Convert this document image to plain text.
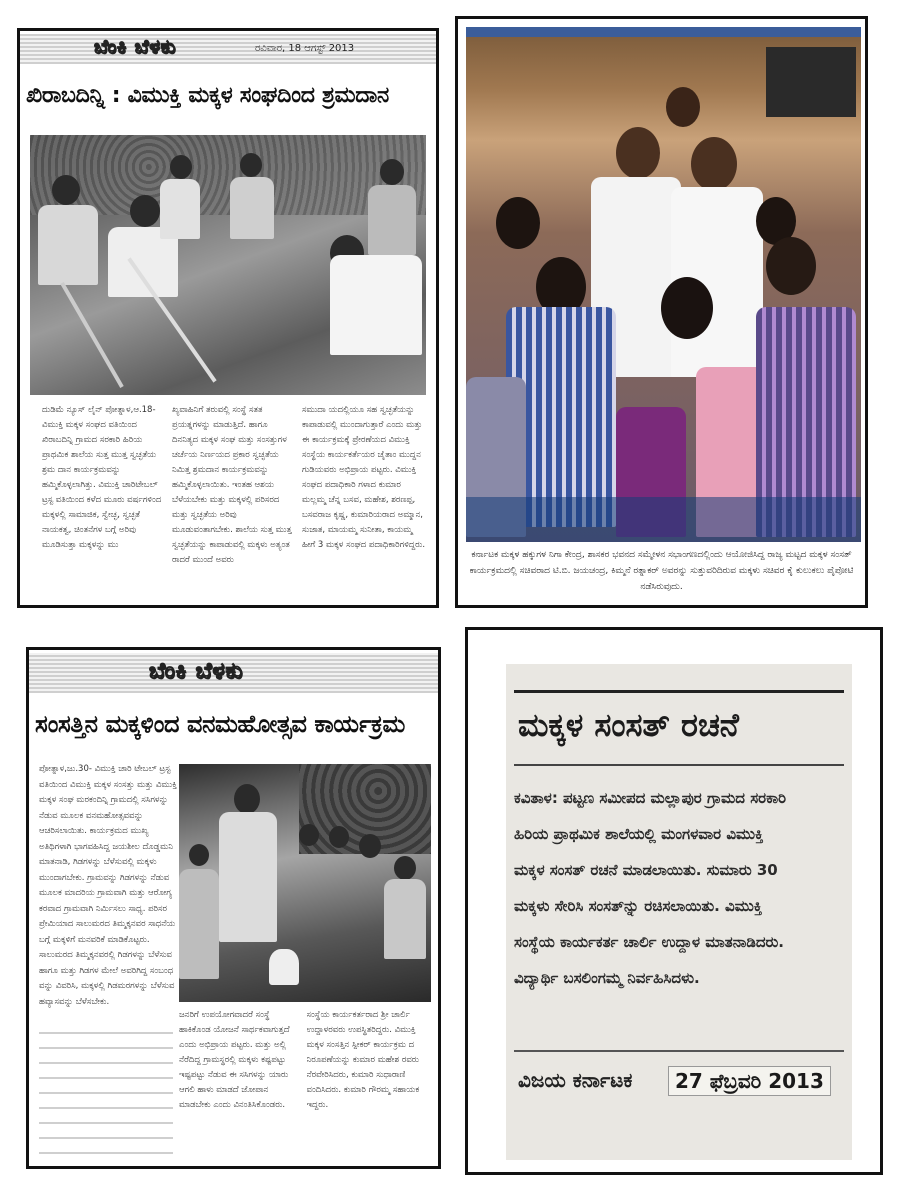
ಬೆಂಕಿ ಬೆಳಕು	ರವಿವಾರ, 18 ಆಗಸ್ಟ್ 2013
ಖಿರಾಬದಿನ್ನಿ : ವಿಮುಕ್ತಿ ಮಕ್ಕಳ ಸಂಘದಿಂದ ಶ್ರಮದಾನ
ದುಡಿಮೆ ನ್ಯೂಸ್ ಲೈನ್ ಪೋತ್ನಾಳ,ಆ.18- ವಿಮುಕ್ತಿ ಮಕ್ಕಳ ಸಂಘದ ವತಿಯಿಂದ ಖಿರಾಬದಿನ್ನಿ ಗ್ರಾಮದ ಸರಕಾರಿ ಹಿರಿಯ ಪ್ರಾಥಮಿಕ ಶಾಲೆಯ ಸುತ್ತ ಮುತ್ತ ಸ್ವಚ್ಛತೆಯ ಶ್ರಮ ದಾನ ಕಾರ್ಯಕ್ರಮವನ್ನು ಹಮ್ಮಿಕೊಳ್ಳಲಾಗಿತ್ತು. ವಿಮುಕ್ತಿ ಚಾರಿಟೇಬಲ್ ಟ್ರಸ್ಟ ವತಿಯಿಂದ ಕಳೆದ ಮೂರು ವರ್ಷಗಳಿಂದ ಮಕ್ಕಳಲ್ಲಿ ಸಾಮಾಜಿಕ, ಸ್ವೇಚ್ಛ, ಸ್ವಚ್ಛತೆ ನಾಯಕತ್ವ, ಚಿಂತನೆಗಳ ಬಗ್ಗೆ ಅರಿವು ಮೂಡಿಸುತ್ತಾ ಮಕ್ಕಳನ್ನು ಮು
ಖ್ಯವಾಹಿನಿಗೆ ತರುವಲ್ಲಿ ಸಂಸ್ಥೆ ಸತತ ಪ್ರಯತ್ನಗಳನ್ನು ಮಾಡುತ್ತಿದೆ. ಹಾಗೂ ದಿನನಿತ್ಯದ ಮಕ್ಕಳ ಸಂಘ ಮತ್ತು ಸಂಸತ್ತುಗಳ ಚರ್ಚೆಯ ನಿರ್ಣಯದ ಪ್ರಕಾರ ಸ್ವಚ್ಛತೆಯ ನಿಮಿತ್ತ ಶ್ರಮದಾನ ಕಾರ್ಯಕ್ರಮವನ್ನು ಹಮ್ಮಿಕೊಳ್ಳಲಾಯಿತು. ಇಂತಹ ಆಶಯ ಬೆಳೆಯಬೇಕು ಮತ್ತು ಮಕ್ಕಳಲ್ಲಿ ಪರಿಸರದ ಮತ್ತು ಸ್ವಚ್ಛತೆಯ ಅರಿವು ಮೂಡುವಂತಾಗಬೇಕು. ಶಾಲೆಯ ಸುತ್ತ ಮುತ್ತ ಸ್ವಚ್ಛತೆಯನ್ನು ಕಾಪಾಡುವಲ್ಲಿ ಮಕ್ಕಳು ಅತ್ಯಂತ ರಾದರೆ ಮುಂದೆ ಅವರು
ಸಮುದಾ ಯದಲ್ಲಿಯೂ ಸಹ ಸ್ವಚ್ಛತೆಯನ್ನು ಕಾಪಾಡುವಲ್ಲಿ ಮುಂದಾಗುತ್ತಾರೆ ಎಂದು ಮತ್ತು ಈ ಕಾರ್ಯಕ್ರಮಕ್ಕೆ ಪ್ರೇರಣೆಯದ ವಿಮುಕ್ತಿ ಸಂಸ್ಥೆಯ ಕಾರ್ಯಕರ್ತೆಯರ ಚೈತಾಂ ಮುದ್ದನ ಗುಡಿಯವರು ಅಭಿಪ್ರಾಯ ಪಟ್ಟರು. ವಿಮುಕ್ತಿ ಸಂಘದ ಪದಾಧಿಕಾರಿ ಗಳಾದ ಕುಮಾರ ಮಲ್ಲಮ್ಮ ಚೆನ್ನ ಬಸವ, ಮಹೇಶ, ಶರಣಪ್ಪ, ಬಸವರಾಜ ಕೃಷ್ಣ, ಕುಮಾರಿಯರಾದ ಅಮ್ಮಾನ, ಸುಜಾತ, ಮಾಯಮ್ಮ ಸುನೀತಾ, ಕಾಯಮ್ಮ ಹೀಗೆ 3 ಮಕ್ಕಳ ಸಂಘದ ಪದಾಧಿಕಾರಿಗಳಿದ್ದರು.
ಕರ್ನಾಟಕ ಮಕ್ಕಳ ಹಕ್ಕುಗಳ ನಿಗಾ ಕೇಂದ್ರ, ಶಾಸಕರ ಭವನದ ಸಮ್ಮೇಳನ ಸಭಾಂಗಣದಲ್ಲಿಂದು ಆಯೋಜಿಸಿದ್ದ ರಾಜ್ಯ ಮಟ್ಟದ ಮಕ್ಕಳ ಸಂಸತ್ ಕಾರ್ಯಕ್ರಮದಲ್ಲಿ ಸಚಿವರಾದ ಟಿ.ಬಿ. ಜಯಚಂದ್ರ, ಕಿಮ್ಮನೆ ರತ್ನಾಕರ್ ಅವರನ್ನು ಸುತ್ತುವರಿದಿರುವ ಮಕ್ಕಳು ಸಚಿವರ ಕೈ ಕುಲುಕಲು ಪೈಪೋಟಿ ನಡೆಸಿರುವುದು.
ಬೆಂಕಿ ಬೆಳಕು
ಸಂಸತ್ತಿನ ಮಕ್ಕಳಿಂದ ವನಮಹೋತ್ಸವ ಕಾರ್ಯಕ್ರಮ
ಪೋತ್ನಾಳ,ಜು.30- ವಿಮುಕ್ತಿ ಚಾರಿ ಟೇಬಲ್ ಟ್ರಸ್ಟ ವತಿಯಿಂದ ವಿಮುಕ್ತಿ ಮಕ್ಕಳ ಸಂಸತ್ತು ಮತ್ತು ವಿಮುಕ್ತಿ ಮಕ್ಕಳ ಸಂಘ ಮರಕಂದಿನ್ನಿ ಗ್ರಾಮದಲ್ಲಿ ಸಸಿಗಳನ್ನು ನೆಡುವ ಮೂಲಕ ವನಮಹೋತ್ಸವವನ್ನು ಆಚರಿಸಲಾಯಿತು. ಕಾರ್ಯಕ್ರಮದ ಮುಖ್ಯ ಅತಿಥಿಗಳಾಗಿ ಭಾಗವಹಿಸಿದ್ದ ಜಯಶೀಲ ದೊಡ್ಡಮನಿ ಮಾತನಾಡಿ, ಗಿಡಗಳನ್ನು ಬೆಳೆಸುವಲ್ಲಿ ಮಕ್ಕಳು ಮುಂದಾಗಬೇಕು. ಗ್ರಾಮವನ್ನು ಗಿಡಗಳನ್ನು ನೆಡುವ ಮೂಲಕ ಮಾದರಿಯ ಗ್ರಾಮವಾಗಿ ಮತ್ತು ಆರೋಗ್ಯ ಕರವಾದ ಗ್ರಾಮವಾಗಿ ನಿರ್ಮಿಸಲು ಸಾಧ್ಯ. ಪರಿಸರ ಪ್ರೇಮಿಯಾದ ಸಾಲುಮರದ ತಿಮ್ಮಕ್ಕನವರ ಸಾಧನೆಯ ಬಗ್ಗೆ ಮಕ್ಕಳಿಗೆ ಮನವರಿಕೆ ಮಾಡಿಕೊಟ್ಟರು. ಸಾಲುಮರದ ತಿಮ್ಮಕ್ಕನವರಲ್ಲಿ ಗಿಡಗಳನ್ನು ಬೆಳೆಸುವ ಹಾಗೂ ಮತ್ತು ಗಿಡಗಳ ಮೇಲೆ ಅವರಿಗಿದ್ದ ಸಂಬಂಧ ವನ್ನು ವಿವರಿಸಿ, ಮಕ್ಕಳಲ್ಲಿ ಗಿಡಮರಗಳನ್ನು ಬೆಳೆಸುವ ಹವ್ಯಾಸವನ್ನು ಬೆಳೆಸಬೇಕು.
ಜನರಿಗೆ ಉಪಯೋಗವಾದರೆ ಸಂಸ್ಥೆ ಹಾಕಿಕೊಂಡ ಯೋಜನೆ ಸಾರ್ಥಕವಾಗುತ್ತದೆ ಎಂದು ಅಭಿಪ್ರಾಯ ಪಟ್ಟರು. ಮತ್ತು ಅಲ್ಲಿ ನೆರೆದಿದ್ದ ಗ್ರಾಮಸ್ಥರಲ್ಲಿ ಮಕ್ಕಳು ಕಷ್ಟಪಟ್ಟು ಇಷ್ಟಪಟ್ಟು ನೆಡುವ ಈ ಸಸಿಗಳನ್ನು ಯಾರು ಆಗಲಿ ಹಾಳು ಮಾಡದೆ ಜೋಪಾನ ಮಾಡಬೇಕು ಎಂದು ವಿನಂತಿಸಿಕೊಂಡರು.
ಸಂಸ್ಥೆಯ ಕಾರ್ಯಕರ್ತರಾದ ಶ್ರೀ ಚಾರ್ಲಿ ಉದ್ದಾಳರವರು ಉಪಸ್ಥಿತರಿದ್ದರು. ವಿಮುಕ್ತಿ ಮಕ್ಕಳ ಸಂಸತ್ತಿನ ಸ್ಪೀಕರ್ ಕಾರ್ಯಕ್ರಮ ದ ನಿರೂಪಣೆಯನ್ನು ಕುಮಾರ ಮಹೇಶ ರವರು ನೆರವೇರಿಸಿದರು, ಕುಮಾರಿ ಸುಧಾರಾಣಿ ವಂದಿಸಿದರು. ಕುಮಾರಿ ಗೌರಮ್ಮ ಸಹಾಯಕ ಇದ್ದರು.
ಮಕ್ಕಳ ಸಂಸತ್ ರಚನೆ

ಕವಿತಾಳ: ಪಟ್ಟಣ ಸಮೀಪದ ಮಲ್ಲಾಪುರ ಗ್ರಾಮದ ಸರಕಾರಿ

ಹಿರಿಯ ಪ್ರಾಥಮಿಕ ಶಾಲೆಯಲ್ಲಿ ಮಂಗಳವಾರ ವಿಮುಕ್ತಿ

ಮಕ್ಕಳ ಸಂಸತ್ ರಚನೆ ಮಾಡಲಾಯಿತು. ಸುಮಾರು 30

ಮಕ್ಕಳು ಸೇರಿಸಿ ಸಂಸತ್‌ನ್ನು ರಚಿಸಲಾಯಿತು. ವಿಮುಕ್ತಿ

ಸಂಸ್ಥೆಯ ಕಾರ್ಯಕರ್ತ ಚಾರ್ಲಿ ಉದ್ದಾಳ ಮಾತನಾಡಿದರು.

ವಿದ್ಯಾರ್ಥಿ ಬಸಲಿಂಗಮ್ಮ ನಿರ್ವಹಿಸಿದಳು.

ವಿಜಯ ಕರ್ನಾಟಕ	27 ಫೆಬ್ರವರಿ 2013
